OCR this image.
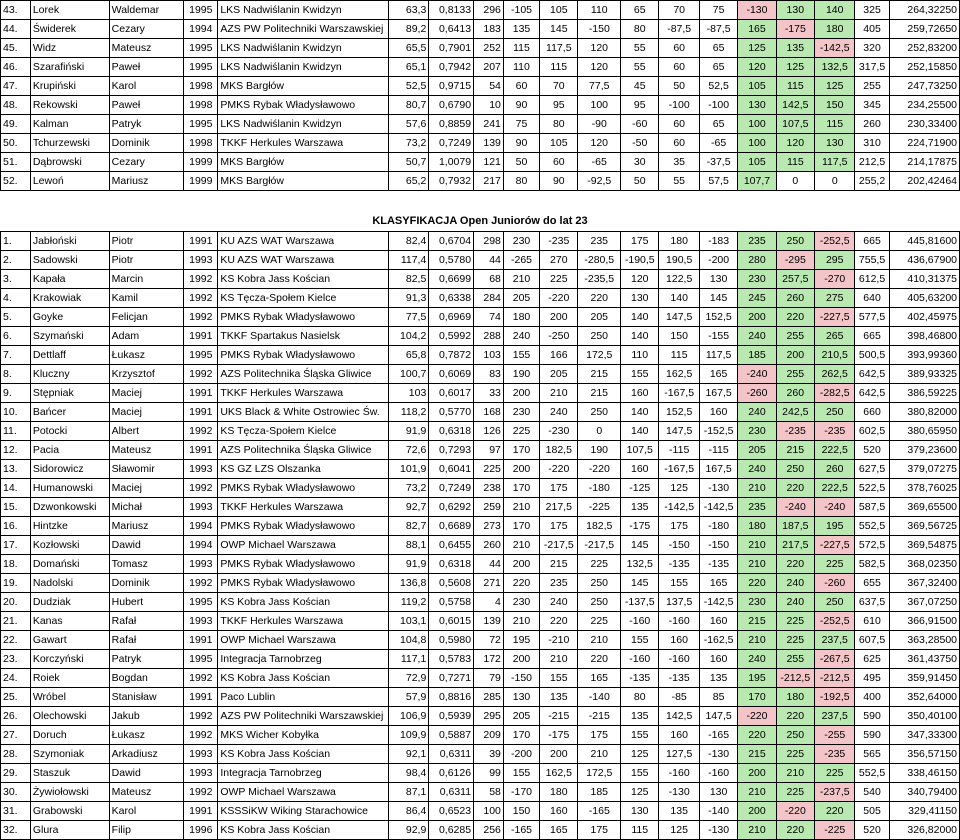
43.	Lorek	Waldemar	1995	LKS Nadwiślanin Kwidzyn	63,3	0,8133	296	-105	105	110	65	70	75	-130	130	140	325	264,32250
44.	Świderek	Cezary	1994	AZS PW Politechniki Warszawskiej	89,2	0,6413	183	135	145	-150	80	-87,5	-87,5	165	-175	180	405	259,72650
45.	Widz	Mateusz	1995	LKS Nadwiślanin Kwidzyn	65,5	0,7901	252	115	117,5	120	55	60	65	125	135	-142,5	320	252,83200
46.	Szarafiński	Paweł	1995	LKS Nadwiślanin Kwidzyn	65,1	0,7942	207	110	115	120	55	60	65	120	125	132,5	317,5	252,15850
47.	Krupiński	Karol	1998	MKS Bargłów	52,5	0,9715	54	60	70	77,5	45	50	52,5	105	115	125	255	247,73250
48.	Rekowski	Paweł	1998	PMKS Rybak Władysławowo	80,7	0,6790	10	90	95	100	95	-100	-100	130	142,5	150	345	234,25500
49.	Kalman	Patryk	1995	LKS Nadwiślanin Kwidzyn	57,6	0,8859	241	75	80	-90	-60	60	65	100	107,5	115	260	230,33400
50.	Tchurzewski	Dominik	1998	TKKF Herkules Warszawa	73,2	0,7249	139	90	105	120	-50	60	-65	100	120	130	310	224,71900
51.	Dąbrowski	Cezary	1999	MKS Bargłów	50,7	1,0079	121	50	60	-65	30	35	-37,5	105	115	117,5	212,5	214,17875
52.	Lewoń	Mariusz	1999	MKS Bargłów	65,2	0,7932	217	80	90	-92,5	50	55	57,5	107,7	0	0	255,2	202,42464

KLASYFIKACJA Open Juniorów do lat 23																		
1.	Jabłoński	Piotr	1991	KU AZS WAT Warszawa	82,4	0,6704	298	230	-235	235	175	180	-183	235	250	-252,5	665	445,81600
2.	Sadowski	Piotr	1993	KU AZS WAT Warszawa	117,4	0,5780	44	-265	270	-280,5	-190,5	190,5	-200	280	-295	295	755,5	436,67900
3.	Kapała	Marcin	1992	KS Kobra Jass Kościan	82,5	0,6699	68	210	225	-235,5	120	122,5	130	230	257,5	-270	612,5	410,31375
4.	Krakowiak	Kamil	1992	KS Tęcza-Społem Kielce	91,3	0,6338	284	205	-220	220	130	140	145	245	260	275	640	405,63200
5.	Goyke	Felicjan	1992	PMKS Rybak Władysławowo	77,5	0,6969	74	180	200	205	140	147,5	152,5	200	220	-227,5	577,5	402,45975
6.	Szymański	Adam	1991	TKKF Spartakus Nasielsk	104,2	0,5992	288	240	-250	250	140	150	-155	240	255	265	665	398,46800
7.	Dettlaff	Łukasz	1995	PMKS Rybak Władysławowo	65,8	0,7872	103	155	166	172,5	110	115	117,5	185	200	210,5	500,5	393,99360
8.	Kluczny	Krzysztof	1992	AZS Politechnika Śląska Gliwice	100,7	0,6069	83	190	205	215	155	162,5	165	-240	255	262,5	642,5	389,93325
9.	Stępniak	Maciej	1991	TKKF Herkules Warszawa	103	0,6017	33	200	210	215	160	-167,5	167,5	-260	260	-282,5	642,5	386,59225
10.	Bańcer	Maciej	1991	UKS Black & White Ostrowiec Św.	118,2	0,5770	168	230	240	250	140	152,5	160	240	242,5	250	660	380,82000
11.	Potocki	Albert	1992	KS Tęcza-Społem Kielce	91,9	0,6318	126	225	-230	0	140	147,5	-152,5	230	-235	-235	602,5	380,65950
12.	Pacia	Mateusz	1991	AZS Politechnika Śląska Gliwice	72,6	0,7293	97	170	182,5	190	107,5	-115	-115	205	215	222,5	520	379,23600
13.	Sidorowicz	Sławomir	1993	KS GZ LZS Olszanka	101,9	0,6041	225	200	-220	-220	160	-167,5	167,5	240	250	260	627,5	379,07275
14.	Humanowski	Maciej	1992	PMKS Rybak Władysławowo	73,2	0,7249	238	170	175	-180	-125	125	-130	210	220	222,5	522,5	378,76025
15.	Dzwonkowski	Michał	1993	TKKF Herkules Warszawa	92,7	0,6292	259	210	217,5	-225	135	-142,5	-142,5	235	-240	-240	587,5	369,65500
16.	Hintzke	Mariusz	1994	PMKS Rybak Władysławowo	82,7	0,6689	273	170	175	182,5	-175	175	-180	180	187,5	195	552,5	369,56725
17.	Kozłowski	Dawid	1994	OWP Michael Warszawa	88,1	0,6455	260	210	-217,5	-217,5	145	-150	-150	210	217,5	-227,5	572,5	369,54875
18.	Domański	Tomasz	1993	PMKS Rybak Władysławowo	91,9	0,6318	44	200	215	225	132,5	-135	-135	210	220	225	582,5	368,02350
19.	Nadolski	Dominik	1992	PMKS Rybak Władysławowo	136,8	0,5608	271	220	235	250	145	155	165	220	240	-260	655	367,32400
20.	Dudziak	Hubert	1995	KS Kobra Jass Kościan	119,2	0,5758	4	230	240	250	-137,5	137,5	-142,5	230	240	250	637,5	367,07250
21.	Kanas	Rafał	1993	TKKF Herkules Warszawa	103,1	0,6015	139	210	220	225	-160	-160	160	215	225	-252,5	610	366,91500
22.	Gawart	Rafał	1991	OWP Michael Warszawa	104,8	0,5980	72	195	-210	210	155	160	-162,5	210	225	237,5	607,5	363,28500
23.	Korczyński	Patryk	1995	Integracja Tarnobrzeg	117,1	0,5783	172	200	210	220	-160	-160	160	240	255	-267,5	625	361,43750
24.	Roiek	Bogdan	1992	KS Kobra Jass Kościan	72,9	0,7271	79	-150	155	165	-135	-135	135	195	-212,5	-212,5	495	359,91450
25.	Wróbel	Stanisław	1991	Paco Lublin	57,9	0,8816	285	130	135	-140	80	-85	85	170	180	-192,5	400	352,64000
26.	Olechowski	Jakub	1992	AZS PW Politechniki Warszawskiej	106,9	0,5939	295	205	-215	-215	135	142,5	147,5	-220	220	237,5	590	350,40100
27.	Doruch	Łukasz	1992	MKS Wicher Kobyłka	109,9	0,5887	209	170	-175	175	155	160	-165	220	250	-255	590	347,33300
28.	Szymoniak	Arkadiusz	1993	KS Kobra Jass Kościan	92,1	0,6311	39	-200	200	210	125	127,5	-130	215	225	-235	565	356,57150
29.	Staszuk	Dawid	1993	Integracja Tarnobrzeg	98,4	0,6126	99	155	162,5	172,5	155	-160	-160	200	210	225	552,5	338,46150
30.	Żywiołowski	Mateusz	1992	OWP Michael Warszawa	87,1	0,6311	58	-170	180	185	125	-130	130	210	225	-237,5	540	340,79400
31.	Grabowski	Karol	1991	KSSSiKW Wiking Starachowice	86,4	0,6523	100	150	160	-165	130	135	-140	200	-220	220	505	329,41150
32.	Glura	Filip	1996	KS Kobra Jass Kościan	92,9	0,6285	256	-165	165	175	115	125	-130	210	220	-225	520	326,82000
